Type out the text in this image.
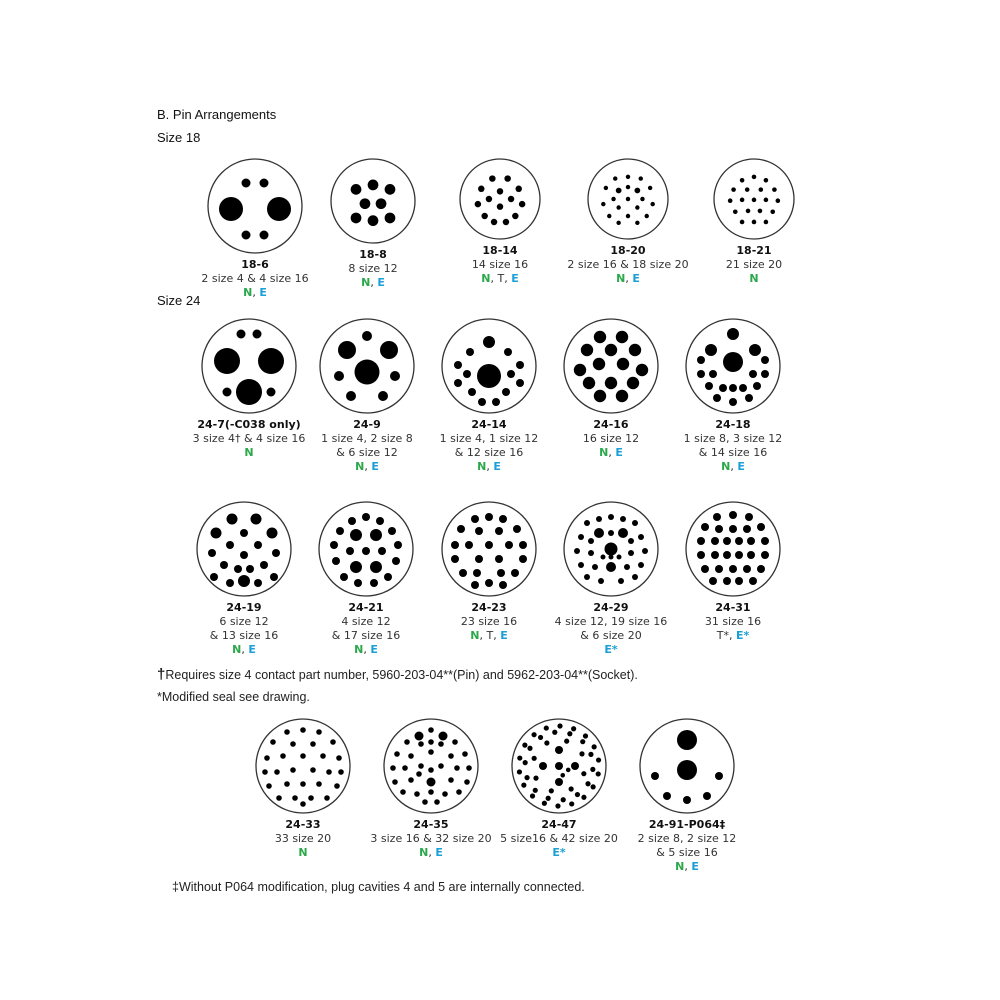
B. Pin Arrangements
Size 18
Size 24
18-6
2 size 4 & 4 size 16
N, E
18-8
8 size 12
N, E
18-14
14 size 16
N, T, E
18-20
2 size 16 & 18 size 20
N, E
18-21
21 size 20
N
24-7(-C038 only)
3 size 4† & 4 size 16
N
24-9
1 size 4, 2 size 8
& 6 size 12
N, E
24-14
1 size 4, 1 size 12
& 12 size 16
N, E
24-16
16 size 12
N, E
24-18
1 size 8, 3 size 12
& 14 size 16
N, E
24-19
6 size 12
& 13 size 16
N, E
24-21
4 size 12
& 17 size 16
N, E
24-23
23 size 16
N, T, E
24-29
4 size 12, 19 size 16
& 6 size 20
E*
24-31
31 size 16
T*, E*
24-33
33 size 20
N
24-35
3 size 16 & 32 size 20
N, E
24-47
5 size16 & 42 size 20
E*
24-91-P064‡
2 size 8, 2 size 12
& 5 size 16
N, E
†Requires size 4 contact part number, 5960-203-04**(Pin) and 5962-203-04**(Socket).
*Modified seal see drawing.
‡Without P064 modification, plug cavities 4 and 5 are internally connected.
